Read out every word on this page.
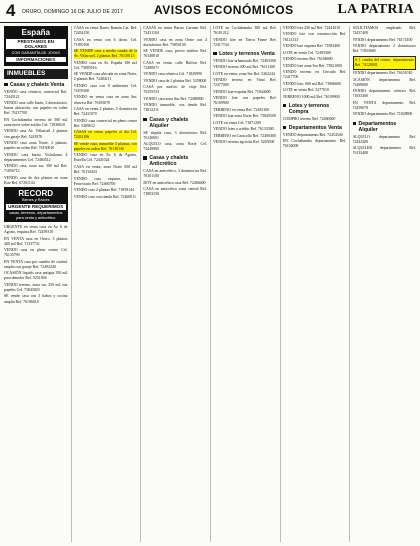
4 ORURO, DOMINGO 16 DE JULIO DE 2017	AVISOS ECONÓMICOS	LA PATRIA
España
PRESTAMOS EN DOLARES
CON GARANTÍA DE JOYAS
INFORMACIONES
INMUEBLES
Casas y chalets Venta

VENDO casa céntrica, comercial Ref. 72443121

VENDO casa calle Junín, 3 dormitorios, buena ubicación, con papeles en orden Ref. 76137700

EN Cochabamba terreno de 500 m2 zona norte sobre asfalto Cel. 71836610

VENDO casa Av. Villarroel 2 plantas con garaje Ref. 5241870

VENDO casa zona Norte, 2 plantas, papeles en orden Ref. 76150010

VENDO casa barrio Vichuloma 4 departamentos Cel. 72484512

VENDO casa, zona sur, 300 m2 Ref. 71856712

VENDO casa de dos plantas en zona Este Ref. 67201144

RECORD
Bienes y Raíces
URGENTE REQUERIMOS
casas, terrenos, departamentos para venta y anticrético

URGENTE en venta casa en Av. 6 de Agosto, esquina Ref. 72459310

EN VENTA casa en Oruro, 3 plantas 400 m2 Ref. 71237731

VENDO casa en pleno centro Cel. 76135790

EN VENTA casa por cambio de ciudad, amplia con garaje Ref. 72492240

OCASIÓN liquido casa antigua 350 m2 para demoler Ref. 5251004

VENDO terreno, zona sur, 250 m2 con papeles Cel. 73843020

SE vende casa con 3 baños y cocina amplia Ref. 76106610

CASA en venta Barrio Ramón Cat. Ref. 72454150

CASA en venta con 6 dorm. Cel. 71850100

SE VENDE casa a media cuadra de la Av. Villarroel, 2 plantas Ref. 76130113

VENDO casa en Av. España 180 m2 Cel. 73805516

SE VENDE casa ubicada en zona Norte, 2 plantas Ref. 72484111

VENDO casa con 8 ambientes Cel. 74109160

VENDO en venta casa en zona Sur, céntrica Ref. 76183070

CASA en venta 2 plantas, 5 dormitorios Ref. 72431070

VENDO casa comercial en pleno centro Ref. 5269012

CASAS en venta, papeles al día Cel. 72451106

SE vende casa, inmueble 3 plantas, con papeles en orden Ref. 76138140

VENDO casa en Av. 6 de Agosto, Estrella Cel. 72441024

CASA en venta, zona Norte 500 m2 Ref. 76134433

VENDO casa esquina, barrio Ferroviario Ref. 72466700

VENDO casa 2 plantas Ref. 71859144

VENDO casa con tienda Ref. 72460011

CASAS en venta Barrio Carmen Ref. 72451104

VENDO casa en zona Oeste con 4 dormitorios Ref. 73850100

SE VENDE casa, precio módico Ref. 76148810

CASA en venta, calle Bolívar Ref. 72480071

VENDO casa céntrica Cel. 71829990

VENDO casa de 2 plantas Ref. 5258000

CASA por motivo de viaje Ref. 76155533

VENDO casa zona Sur Ref. 72488800

VENDO inmueble, con tienda Ref. 73812211

Casas y chalets Alquiler

SE alquila casa, 3 dormitorios Ref. 76120001

ALQUILO casa, zona Norte Cel. 72449900

Casas y chalets Anticrético

CASA en anticrético, 3 dormitorios Ref. 76161100

DOY en anticrético casa Ref. 72466600

CASA en anticrético zona central Ref. 71803330

LOTE en Cochabamba 300 m2 Ref. 76101212

VENDO lote en Tierra Firme Ref. 72417744

Lotes y terrenos Venta

VENDO lote urbanizado Ref. 72403300

VENDO terreno 300 m2 Ref. 76111100

LOTE en venta, zona Sur Ref. 5262244

VENDO terreno en Vinto Ref. 72477000

VENDO lote esquina Ref. 71844400

VENDO lote con papeles Ref. 76109900

TERRENO en venta Ref. 72481100

VENDO lote zona Norte Ref. 73845500

LOTE en venta Cel. 71871200

VENDO lotes a crédito Ref. 76133300

TERRENO en Caracollo Ref. 72400400

VENDO terreno agrícola Ref. 5265500

VENDO lote 250 m2 Ref. 72441010

VENDO lote con construcción Ref. 76121313

VENDO lote esquina Ref. 71881400

LOTE en venta Cel. 72493300

VENDO terreno Ref. 76106600

VENDO lote zona Sur Ref. 73821000

VENDO terreno en Cercado Ref. 72417700

VENDO lote, 600 m2 Ref. 71866600

LOTE en venta Ref. 5277010

TERRENO 1000 m2 Ref. 76199900

Lotes y terrenos Compra

COMPRO terreno Ref. 72460600

Departamentos Venta

VENDO departamento Ref. 72454540

EN Cochabamba departamento Ref. 76104000

SOLICITAMOS empleado Ref. 72437400

VENDO departamento Ref. 76174100

VENDO departamento 2 dormitorios Ref. 71833660

A 1 cuadra del centro, departamento Ref. 74120001

VENDO departamento Ref. 76101010

OCASIÓN departamento Ref. 72489000

VENDO departamento céntrico Ref. 71833300

EN VENTA departamento Ref. 72459070

VENDO departamento Ref. 71828800

Departamentos Alquiler

ALQUILO departamento Ref. 72442200

ALQUILER departamento Ref. 76133400
